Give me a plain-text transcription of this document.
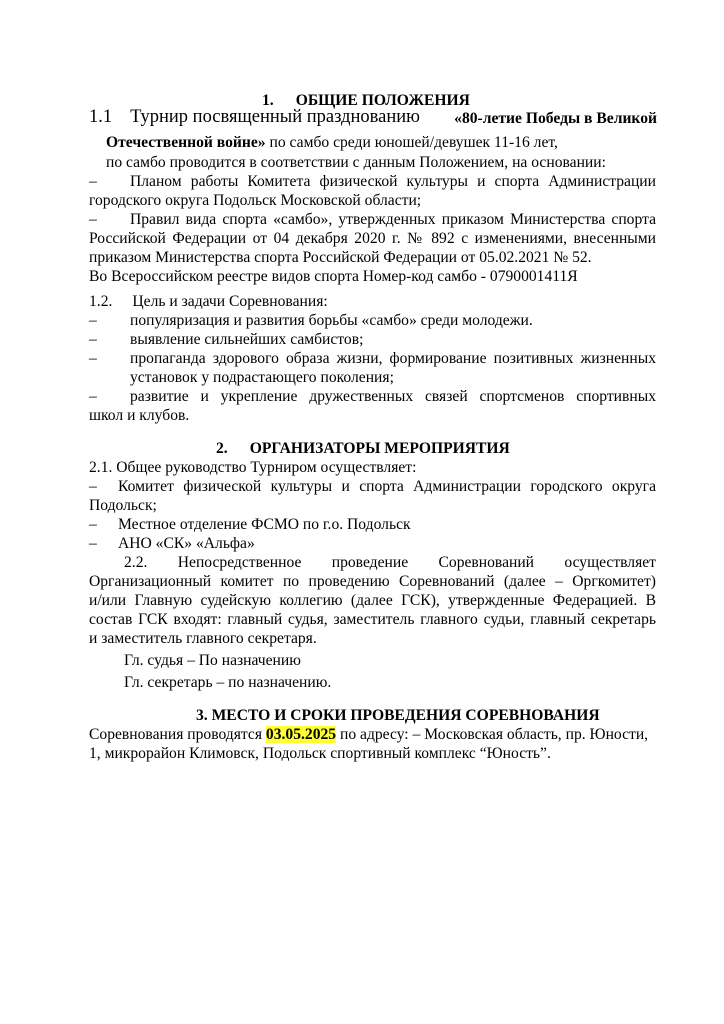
1. ОБЩИЕ ПОЛОЖЕНИЯ
1.1 Турнир посвященный празднованию «80-летие Победы в Великой
Отечественной войне» по самбо среди юношей/девушек 11-16 лет,
по самбо проводится в соответствии с данным Положением, на основании:
– Планом работы Комитета физической культуры и спорта Администрации
городского округа Подольск Московской области;
– Правил вида спорта «самбо», утвержденных приказом Министерства спорта
Российской Федерации от 04 декабря 2020 г. № 892 с изменениями, внесенными
приказом Министерства спорта Российской Федерации от 05.02.2021 № 52.
Во Всероссийском реестре видов спорта Номер-код самбо - 0790001411Я
1.2. Цель и задачи Соревнования:
– популяризация и развития борьбы «самбо» среди молодежи.
– выявление сильнейших самбистов;
– пропаганда здорового образа жизни, формирование позитивных жизненных
установок у подрастающего поколения;
– развитие и укрепление дружественных связей спортсменов спортивных
школ и клубов.
2. ОРГАНИЗАТОРЫ МЕРОПРИЯТИЯ
2.1. Общее руководство Турниром осуществляет:
– Комитет физической культуры и спорта Администрации городского округа
Подольск;
– Местное отделение ФСМО по г.о. Подольск
– АНО «СК» «Альфа»
2.2. Непосредственное проведение Соревнований осуществляет
Организационный комитет по проведению Соревнований (далее – Оргкомитет)
и/или Главную судейскую коллегию (далее ГСК), утвержденные Федерацией. В
состав ГСК входят: главный судья, заместитель главного судьи, главный секретарь
и заместитель главного секретаря.
Гл. судья – По назначению
Гл. секретарь – по назначению.
3. МЕСТО И СРОКИ ПРОВЕДЕНИЯ СОРЕВНОВАНИЯ
Соревнования проводятся 03.05.2025 по адресу: – Московская область, пр. Юности,
1, микрорайон Климовск, Подольск спортивный комплекс “Юность”.
